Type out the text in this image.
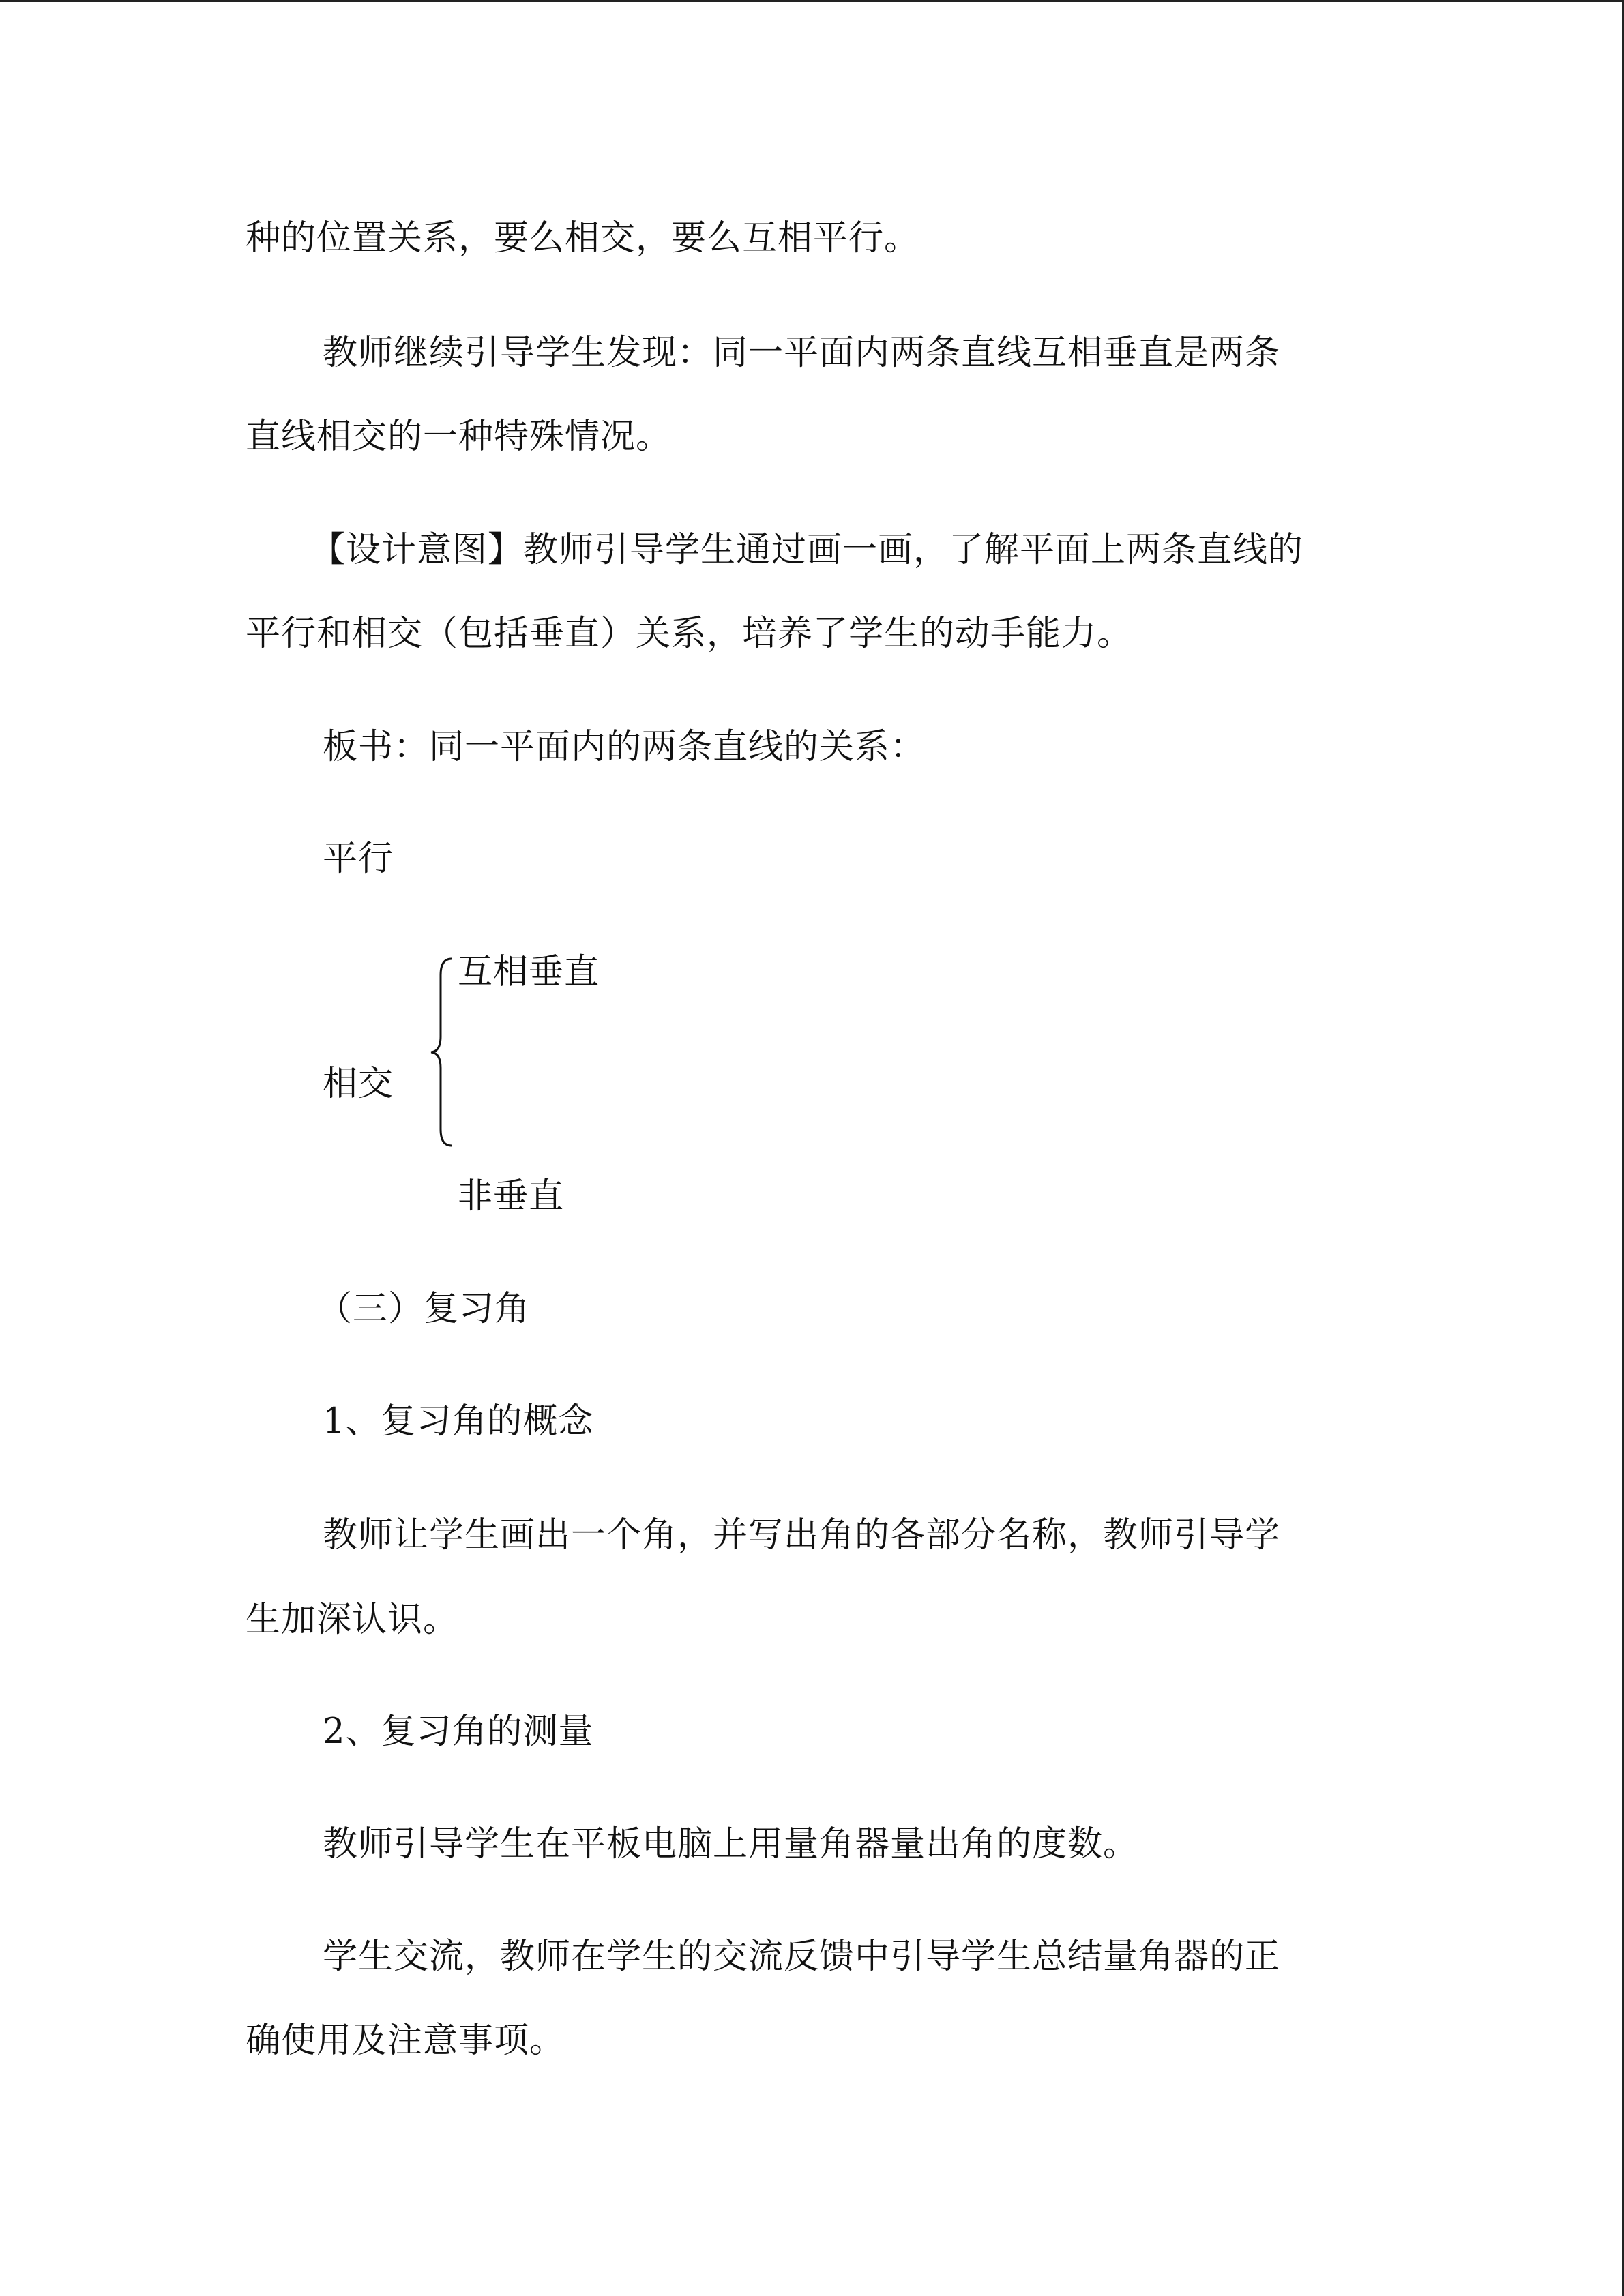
种的位置关系，要么相交，要么互相平行。
教师继续引导学生发现：同一平面内两条直线互相垂直是两条
直线相交的一种特殊情况。
【设计意图】教师引导学生通过画一画，了解平面上两条直线的
平行和相交（包括垂直）关系，培养了学生的动手能力。
板书：同一平面内的两条直线的关系：
平行
互相垂直
相交
非垂直
（三）复习角
1、复习角的概念
教师让学生画出一个角，并写出角的各部分名称，教师引导学
生加深认识。
2、复习角的测量
教师引导学生在平板电脑上用量角器量出角的度数。
学生交流，教师在学生的交流反馈中引导学生总结量角器的正
确使用及注意事项。
